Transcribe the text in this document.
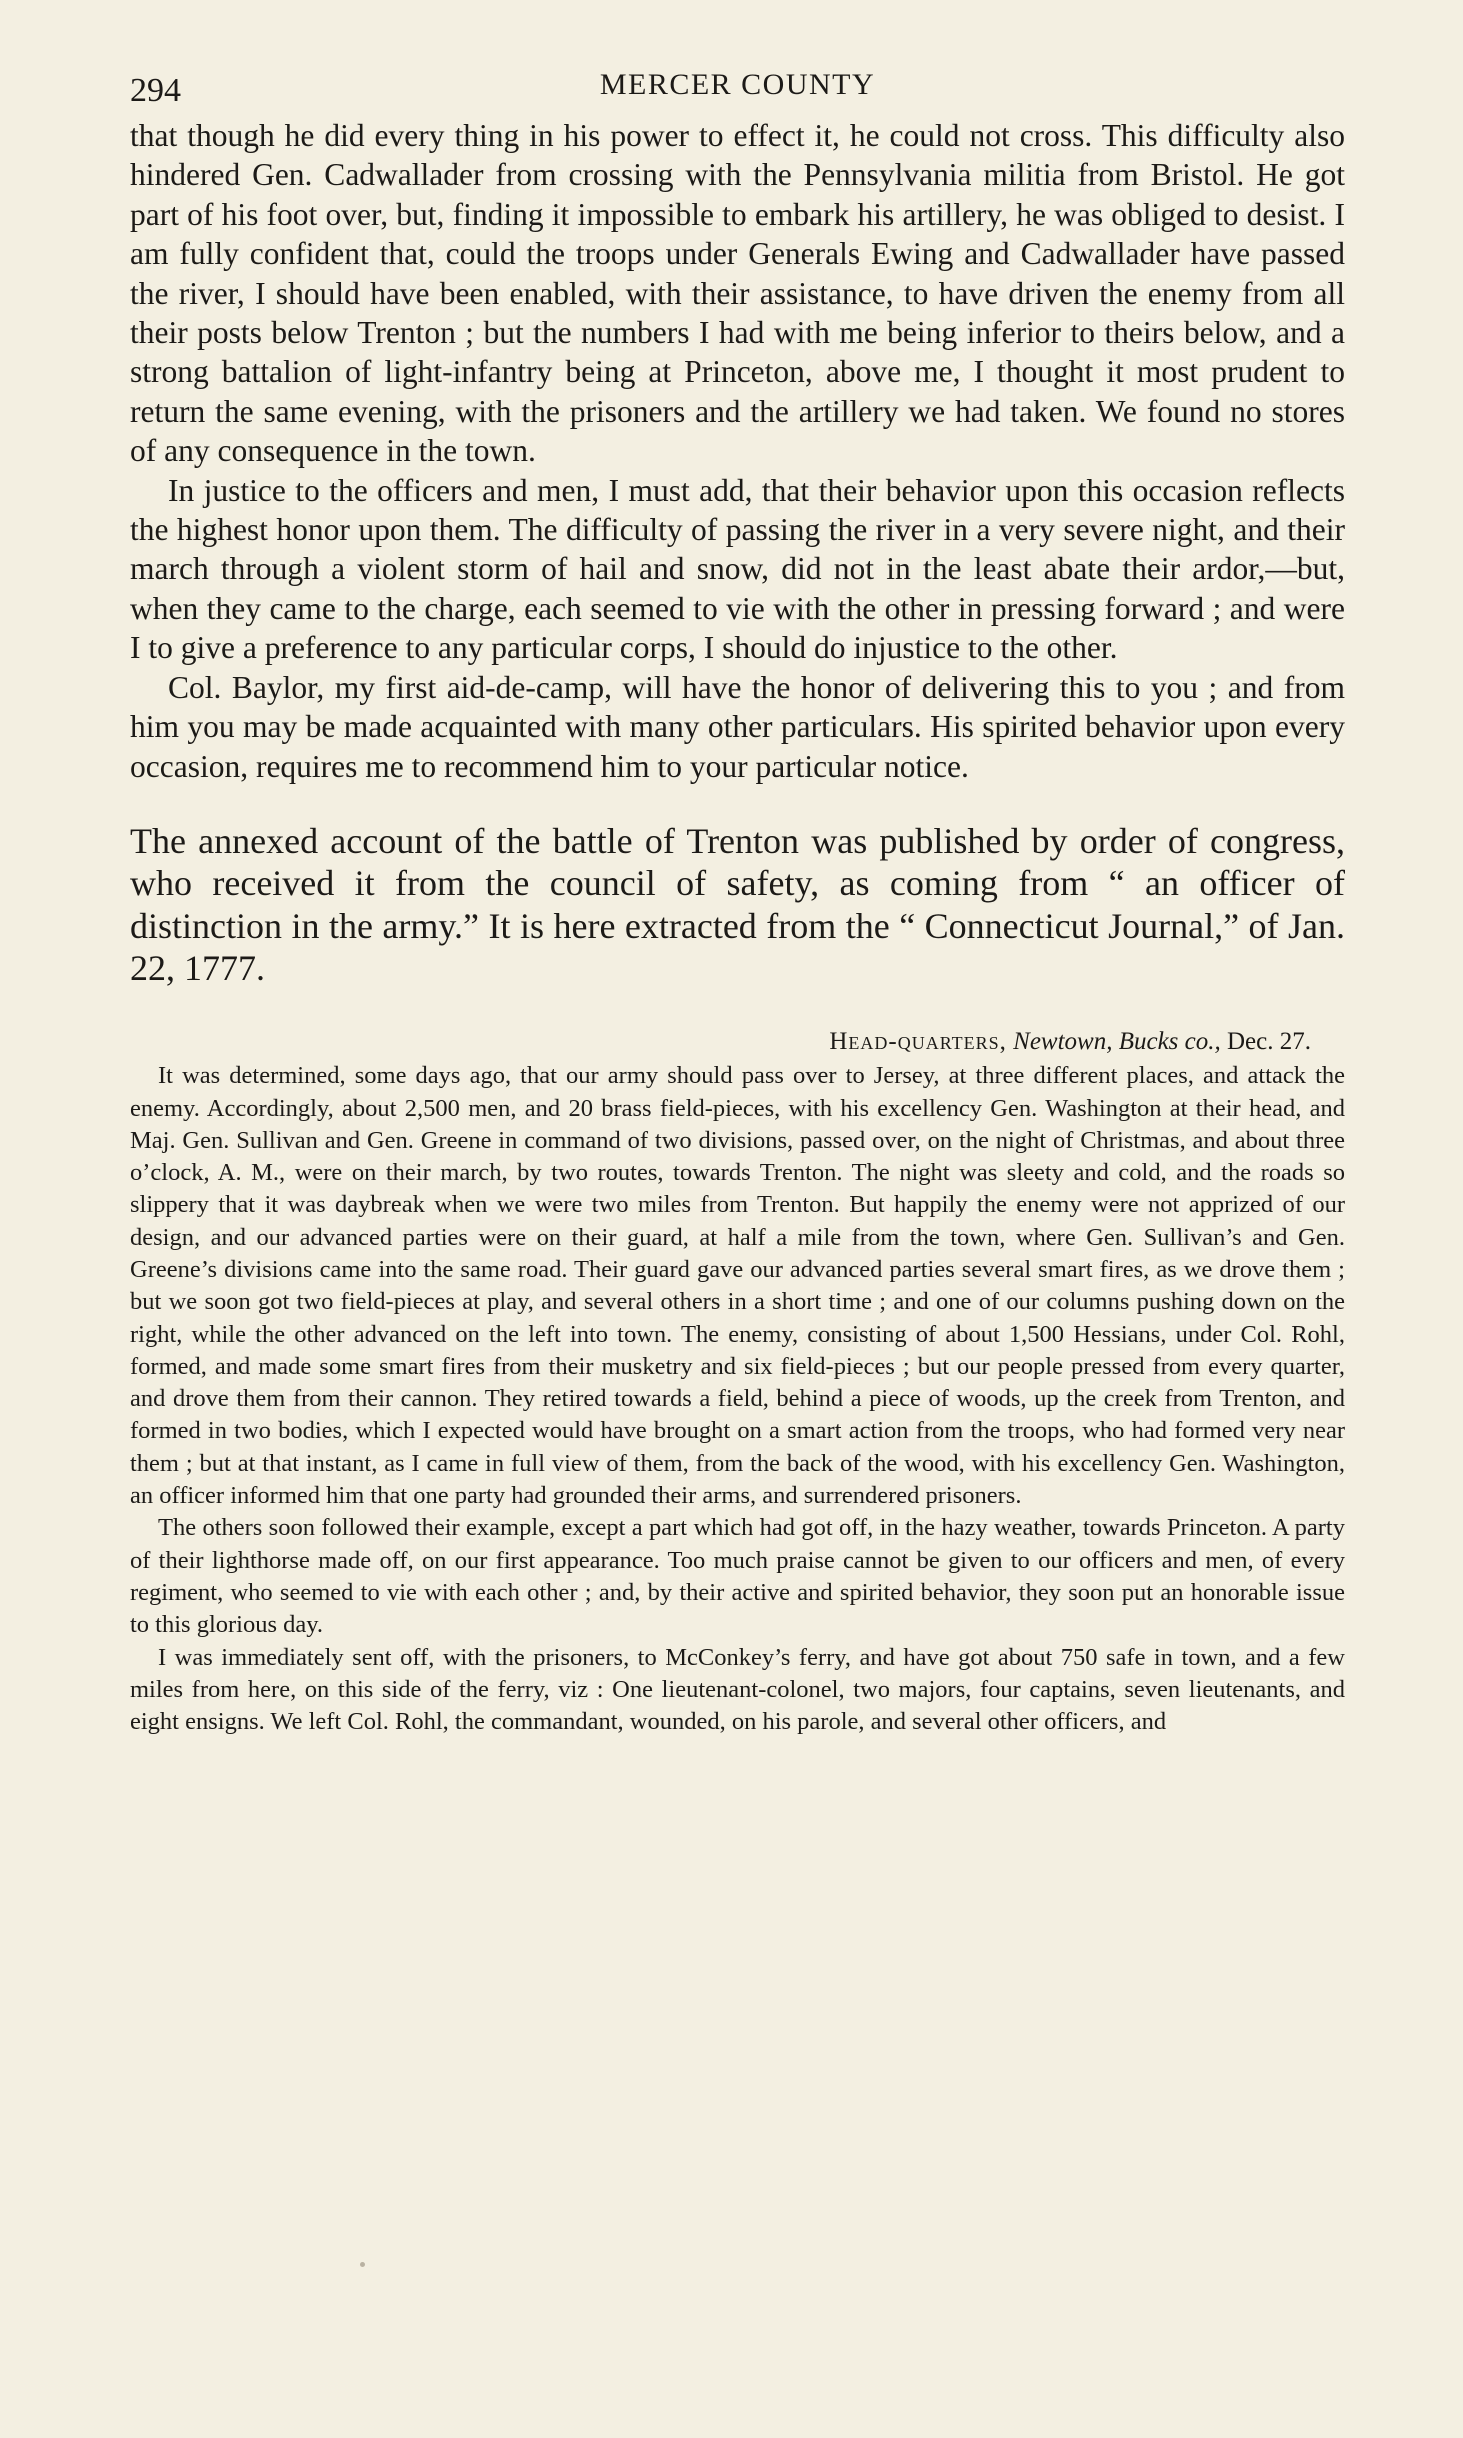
294	MERCER COUNTY

that though he did every thing in his power to effect it, he could not cross. This difficulty also hindered Gen. Cadwallader from crossing with the Pennsylvania militia from Bristol. He got part of his foot over, but, finding it impossible to embark his artillery, he was obliged to desist. I am fully confident that, could the troops under Generals Ewing and Cadwallader have passed the river, I should have been enabled, with their assistance, to have driven the enemy from all their posts below Trenton ; but the numbers I had with me being inferior to theirs below, and a strong battalion of light-infantry being at Princeton, above me, I thought it most prudent to return the same evening, with the prisoners and the artillery we had taken. We found no stores of any consequence in the town.

In justice to the officers and men, I must add, that their behavior upon this occasion reflects the highest honor upon them. The difficulty of passing the river in a very severe night, and their march through a violent storm of hail and snow, did not in the least abate their ardor,—but, when they came to the charge, each seemed to vie with the other in pressing forward ; and were I to give a preference to any particular corps, I should do injustice to the other.

Col. Baylor, my first aid-de-camp, will have the honor of delivering this to you ; and from him you may be made acquainted with many other particulars. His spirited behavior upon every occasion, requires me to recommend him to your particular notice.

The annexed account of the battle of Trenton was published by order of congress, who received it from the council of safety, as coming from “ an officer of distinction in the army.” It is here extracted from the “ Connecticut Journal,” of Jan. 22, 1777.

Head-quarters, Newtown, Bucks co., Dec. 27.

It was determined, some days ago, that our army should pass over to Jersey, at three different places, and attack the enemy. Accordingly, about 2,500 men, and 20 brass field-pieces, with his excellency Gen. Washington at their head, and Maj. Gen. Sullivan and Gen. Greene in command of two divisions, passed over, on the night of Christmas, and about three o’clock, A. M., were on their march, by two routes, towards Trenton. The night was sleety and cold, and the roads so slippery that it was daybreak when we were two miles from Trenton. But happily the enemy were not apprized of our design, and our advanced parties were on their guard, at half a mile from the town, where Gen. Sullivan’s and Gen. Greene’s divisions came into the same road. Their guard gave our advanced parties several smart fires, as we drove them ; but we soon got two field-pieces at play, and several others in a short time ; and one of our columns pushing down on the right, while the other advanced on the left into town. The enemy, consisting of about 1,500 Hessians, under Col. Rohl, formed, and made some smart fires from their musketry and six field-pieces ; but our people pressed from every quarter, and drove them from their cannon. They retired towards a field, behind a piece of woods, up the creek from Trenton, and formed in two bodies, which I expected would have brought on a smart action from the troops, who had formed very near them ; but at that instant, as I came in full view of them, from the back of the wood, with his excellency Gen. Washington, an officer informed him that one party had grounded their arms, and surrendered prisoners.

The others soon followed their example, except a part which had got off, in the hazy weather, towards Princeton. A party of their lighthorse made off, on our first appearance. Too much praise cannot be given to our officers and men, of every regiment, who seemed to vie with each other ; and, by their active and spirited behavior, they soon put an honorable issue to this glorious day.

I was immediately sent off, with the prisoners, to McConkey’s ferry, and have got about 750 safe in town, and a few miles from here, on this side of the ferry, viz : One lieutenant-colonel, two majors, four captains, seven lieutenants, and eight ensigns. We left Col. Rohl, the commandant, wounded, on his parole, and several other officers, and
